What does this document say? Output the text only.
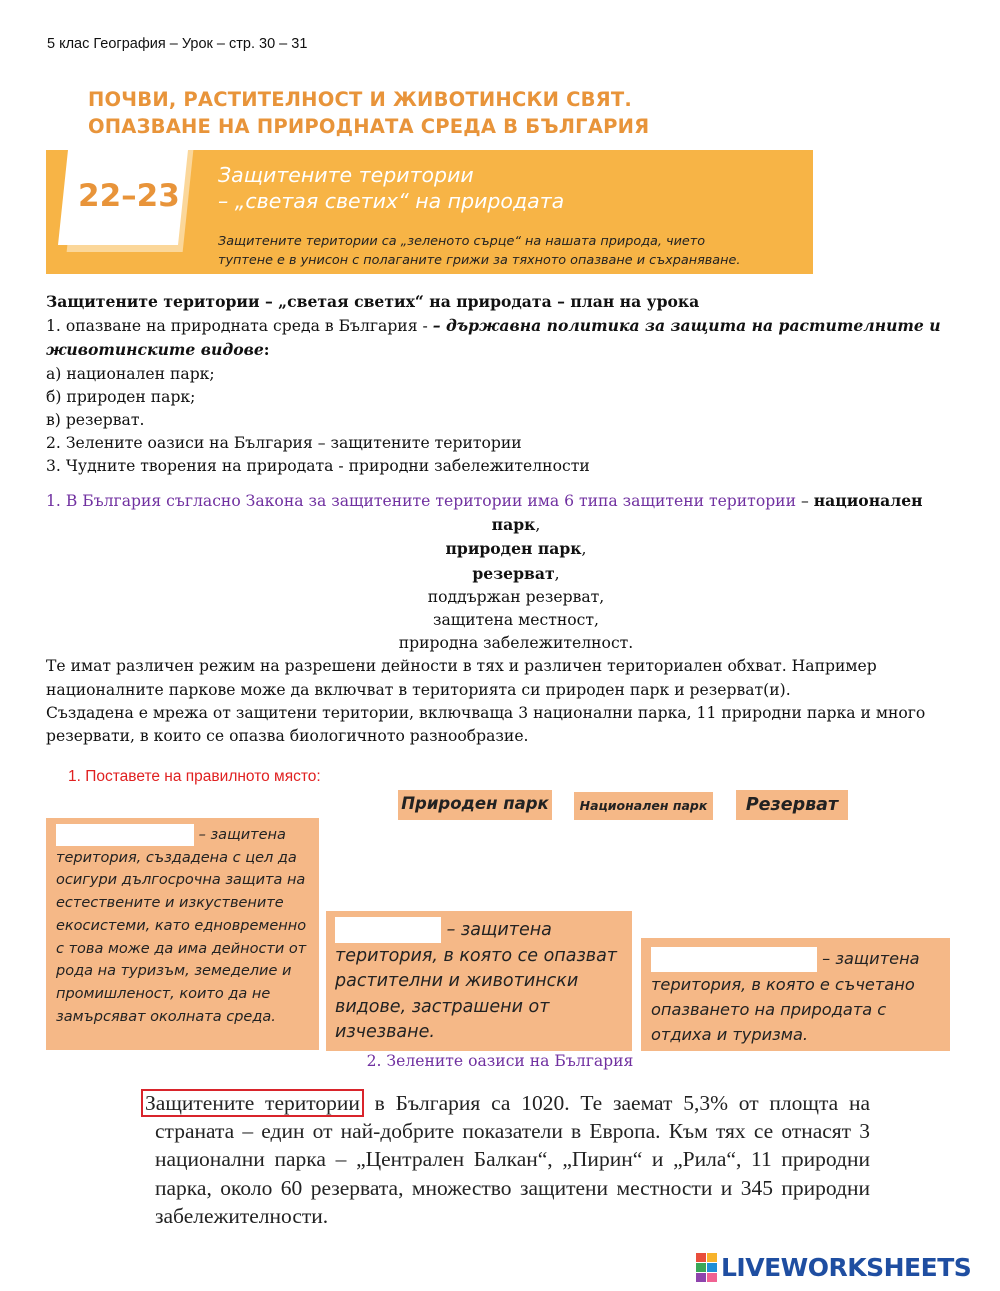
5 клас География – Урок – стр. 30 – 31
ПОЧВИ, РАСТИТЕЛНОСТ И ЖИВОТИНСКИ СВЯТ.
ОПАЗВАНЕ НА ПРИРОДНАТА СРЕДА В БЪЛГАРИЯ
22–23
Защитените територии
– „светая светих“ на природата
Защитените територии са „зеленото сърце“ на нашата природа, чието
туптене е в унисон с полаганите грижи за тяхното опазване и съхраняване.

Защитените територии – „светая светих“ на природата – план на урока

1. опазване на природната среда в България - – държавна политика за защита на растителните и животинските видове:

а) национален парк;

б) природен парк;

в) резерват.

2. Зелените оазиси на България – защитените територии

3. Чудните творения на природата - природни забележителности

1. В България съгласно Закона за защитените територии има 6 типа защитени територии – национален

парк,

природен парк,

резерват,

поддържан резерват,

защитена местност,

природна забележителност.

Те имат различен режим на разрешени дейности в тях и различен териториален обхват. Например националните паркове може да включват в територията си природен парк и резерват(и).

Създадена е мрежа от защитени територии, включваща 3 национални парка, 11 природни парка и много резервати, в които се опазва биологичното разнообразие.

1. Поставете на правилното място:
Природен парк	Национален парк	Резерват
– защитена територия, създадена с цел да осигури дългосрочна защита на естествените и изкуствените екосистеми, като едновременно с това може да има дейности от рода на туризъм, земеделие и промишленост, които да не замърсяват околната среда.
– защитена територия, в която се опазват растителни и животински видове, застрашени от изчезване.
– защитена територия, в която е съчетано опазването на природата с отдиха и туризма.
2. Зелените оазиси на България
Защитените територии в България са 1020. Те заемат 5,3% от площта на страната – един от най-добрите показатели в Европа. Към тях се отнасят 3 национални парка – „Централен Балкан“, „Пирин“ и „Рила“, 11 природни парка, около 60 резервата, множество защитени местности и 345 природни забележителности.
LIVEWORKSHEETS
